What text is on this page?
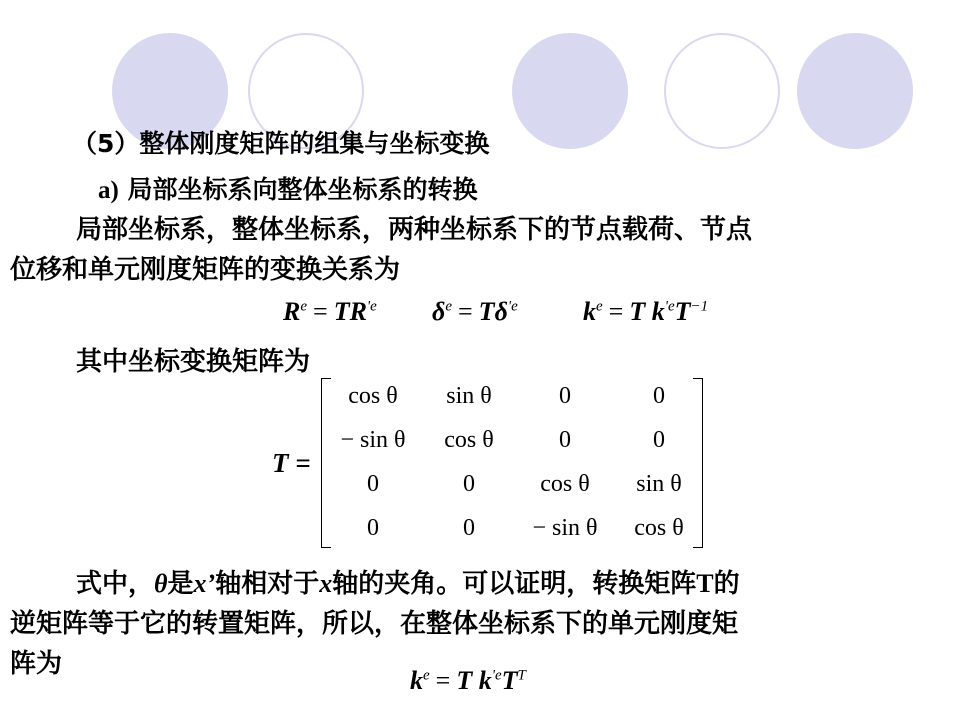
（5）整体刚度矩阵的组集与坐标变换
a) 局部坐标系向整体坐标系的转换
局部坐标系，整体坐标系，两种坐标系下的节点载荷、节点
位移和单元刚度矩阵的变换关系为
$R^e = TR^{'e}$ $\delta^e = T\delta^{'e}$	$k^e = T$ $k^{'e}T^{-1}$
其中坐标变换矩阵为
T =
cos θ	sin θ	0	0
− sin θ	cos θ	0	0
0	0	cos θ	sin θ
0	0	− sin θ	cos θ
式中，θ是x’轴相对于x轴的夹角。可以证明，转换矩阵T的
逆矩阵等于它的转置矩阵，所以，在整体坐标系下的单元刚度矩
阵为
$k^e = T$ $k^{'e}T^T$
